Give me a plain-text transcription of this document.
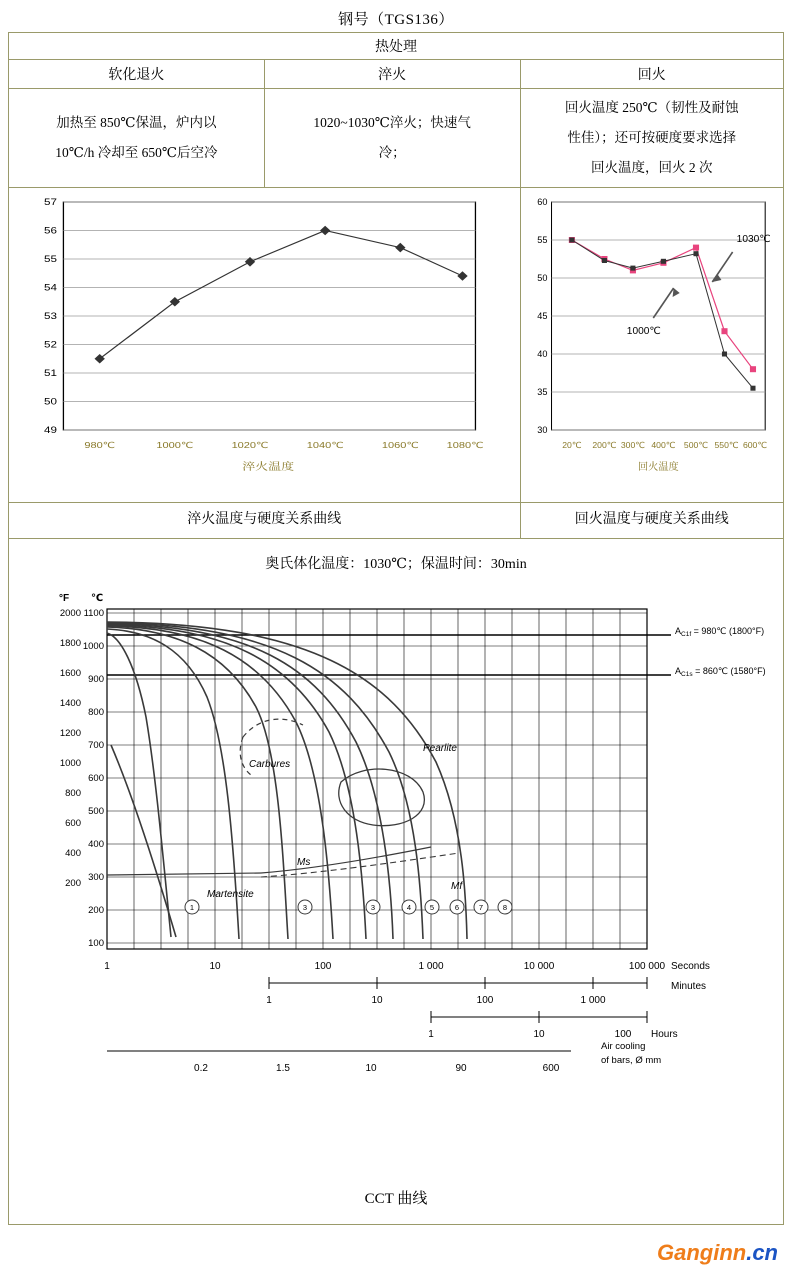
钢号（TGS136）
热处理		
软化退火	淬火	回火

加热至 850℃保温，炉内以
10℃/h 冷却至 650℃后空冷

1020~1030℃淬火；快速气
冷；

回火温度 250℃（韧性及耐蚀
性佳）；还可按硬度要求选择
回火温度，回火 2 次

57
56
55
54
53
52
51
50
49
980℃	1000℃	1020℃	1040℃	1060℃	1080℃
淬火温度
淬火温度与硬度关系曲线

60
55
50
45
40
35
30
1030℃
1000℃
20℃ 200℃ 300℃ 400℃ 500℃ 550℃ 600℃
回火温度
回火温度与硬度关系曲线

奥氏体化温度：1030℃；保温时间：30min
°F ℃
2000
1800
1600
1400
1200
1000
800
600
400
200
1100
1000
900
800
700
600
500
400
300
200
100
$A_{C1f}$ = 980℃ (1800°F)
$A_{C1s}$ = 860℃ (1580°F)
Pearlite
Carbures
Ms
Mf
Martensite
1	3	3	4	5	6	7	8
1	10	100	1 000	10 000	100 000 Seconds
1	10	100	1 000
Minutes
1	10	100 Hours
0.2	1.5	10	90	600
Air cooling
of bars, Ø mm
CCT 曲线
Ganginn.cn
